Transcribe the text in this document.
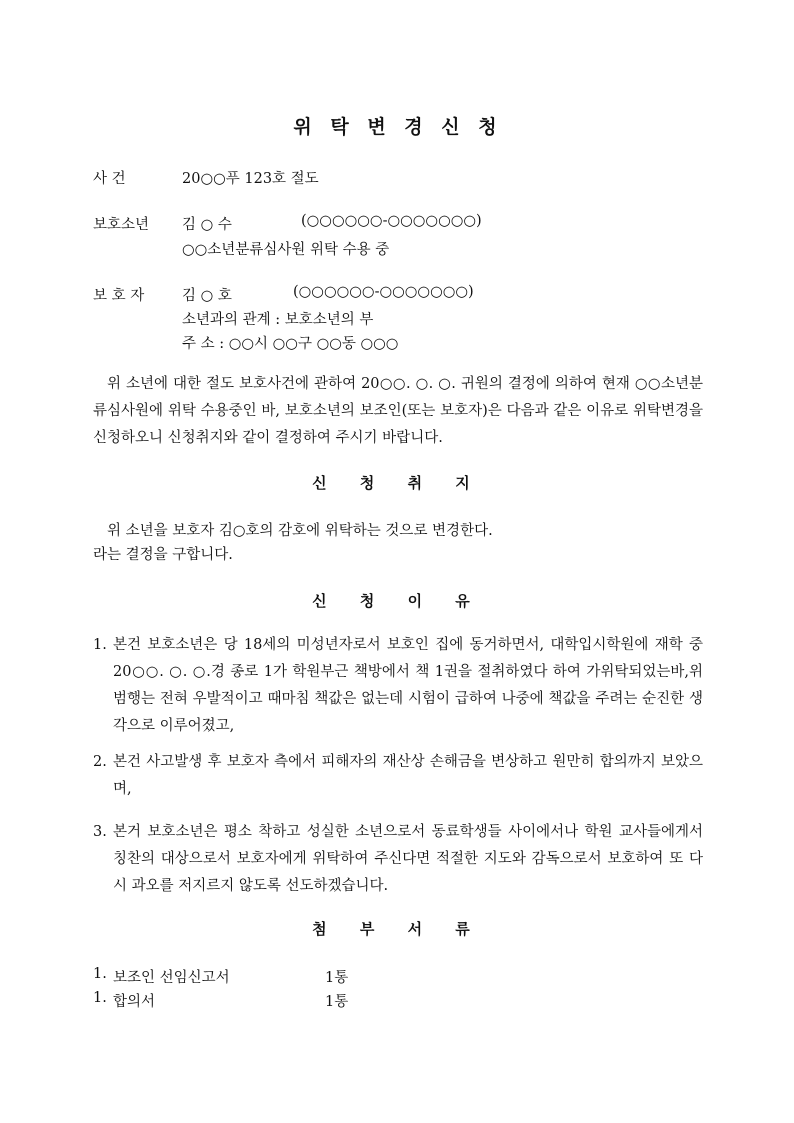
위 탁 변 경 신 청
사 건	20○○푸 123호 절도
보호소년 김 ○ 수	(○○○○○○-○○○○○○○)
○○소년분류심사원 위탁 수용 중
보 호 자	김 ○ 호	(○○○○○○-○○○○○○○)
소년과의 관계 : 보호소년의 부
주 소 : ○○시 ○○구 ○○동 ○○○
위 소년에 대한 절도 보호사건에 관하여 20○○. ○. ○. 귀원의 결정에 의하여 현재 ○○소년분류심사원에 위탁 수용중인 바, 보호소년의 보조인(또는 보호자)은 다음과 같은 이유로 위탁변경을 신청하오니 신청취지와 같이 결정하여 주시기 바랍니다.
신 청 취 지
위 소년을 보호자 김○호의 감호에 위탁하는 것으로 변경한다.
라는 결정을 구합니다.
신 청 이 유
1. 본건 보호소년은 당 18세의 미성년자로서 보호인 집에 동거하면서, 대학입시학원에 재학 중 20○○. ○. ○.경 종로 1가 학원부근 책방에서 책 1권을 절취하였다 하여 가위탁되었는바,위 범행는 전혀 우발적이고 때마침 책값은 없는데 시험이 급하여 나중에 책값을 주려는 순진한 생각으로 이루어졌고,
2. 본건 사고발생 후 보호자 측에서 피해자의 재산상 손해금을 변상하고 원만히 합의까지 보았으며,
3. 본거 보호소년은 평소 착하고 성실한 소년으로서 동료학생들 사이에서나 학원 교사들에게서 칭찬의 대상으로서 보호자에게 위탁하여 주신다면 적절한 지도와 감독으로서 보호하여 또 다시 과오를 저지르지 않도록 선도하겠습니다.
첨 부 서 류
1. 보조인 선임신고서	1통
1. 합의서	1통
